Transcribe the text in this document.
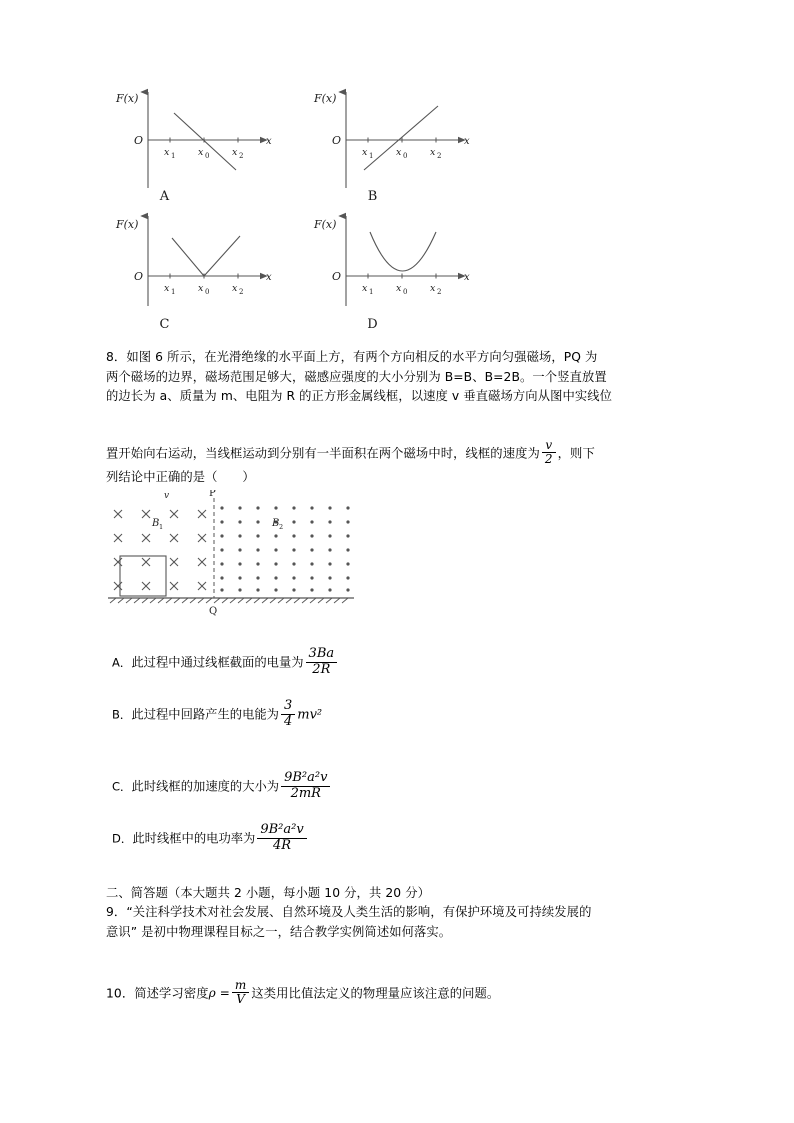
F(x)
O
x 1 x 0 x 2
x
A
F(x)
O
x 1 x 0 x 2
x
B
F(x)
O
x 1 x 0 x 2
x
C
F(x)
O
x 1 x 0 x 2
x
D
8．如图 6 所示，在光滑绝缘的水平面上方，有两个方向相反的水平方向匀强磁场，PQ 为
两个磁场的边界，磁场范围足够大，磁感应强度的大小分别为 B=B、B=2B。一个竖直放置
的边长为 a、质量为 m、电阻为 R 的正方形金属线框，以速度 v 垂直磁场方向从图中实线位
置开始向右运动，当线框运动到分别有一半面积在两个磁场中时，线框的速度为 $\frac{v}{2}$ ，则下
列结论中正确的是（　　）
P
Q
B 1	B 2
v
A．此过程中通过线框截面的电量为 $\frac{3Ba}{2R}$
B．此过程中回路产生的电能为 $\frac{3}{4} mv^2$
C．此时线框的加速度的大小为 $\frac{\text{9B²a²v}}{2mR}$
D．此时线框中的电功率为 $\frac{\text{9B²a²v}}{4R}$
二、简答题（本大题共 2 小题，每小题 10 分，共 20 分）
9．“关注科学技术对社会发展、自然环境及人类生活的影响，有保护环境及可持续发展的
意识” 是初中物理课程目标之一，结合教学实例简述如何落实。
10．简述学习密度$\rho = \frac{m}{V}$ 这类用比值法定义的物理量应该注意的问题。
